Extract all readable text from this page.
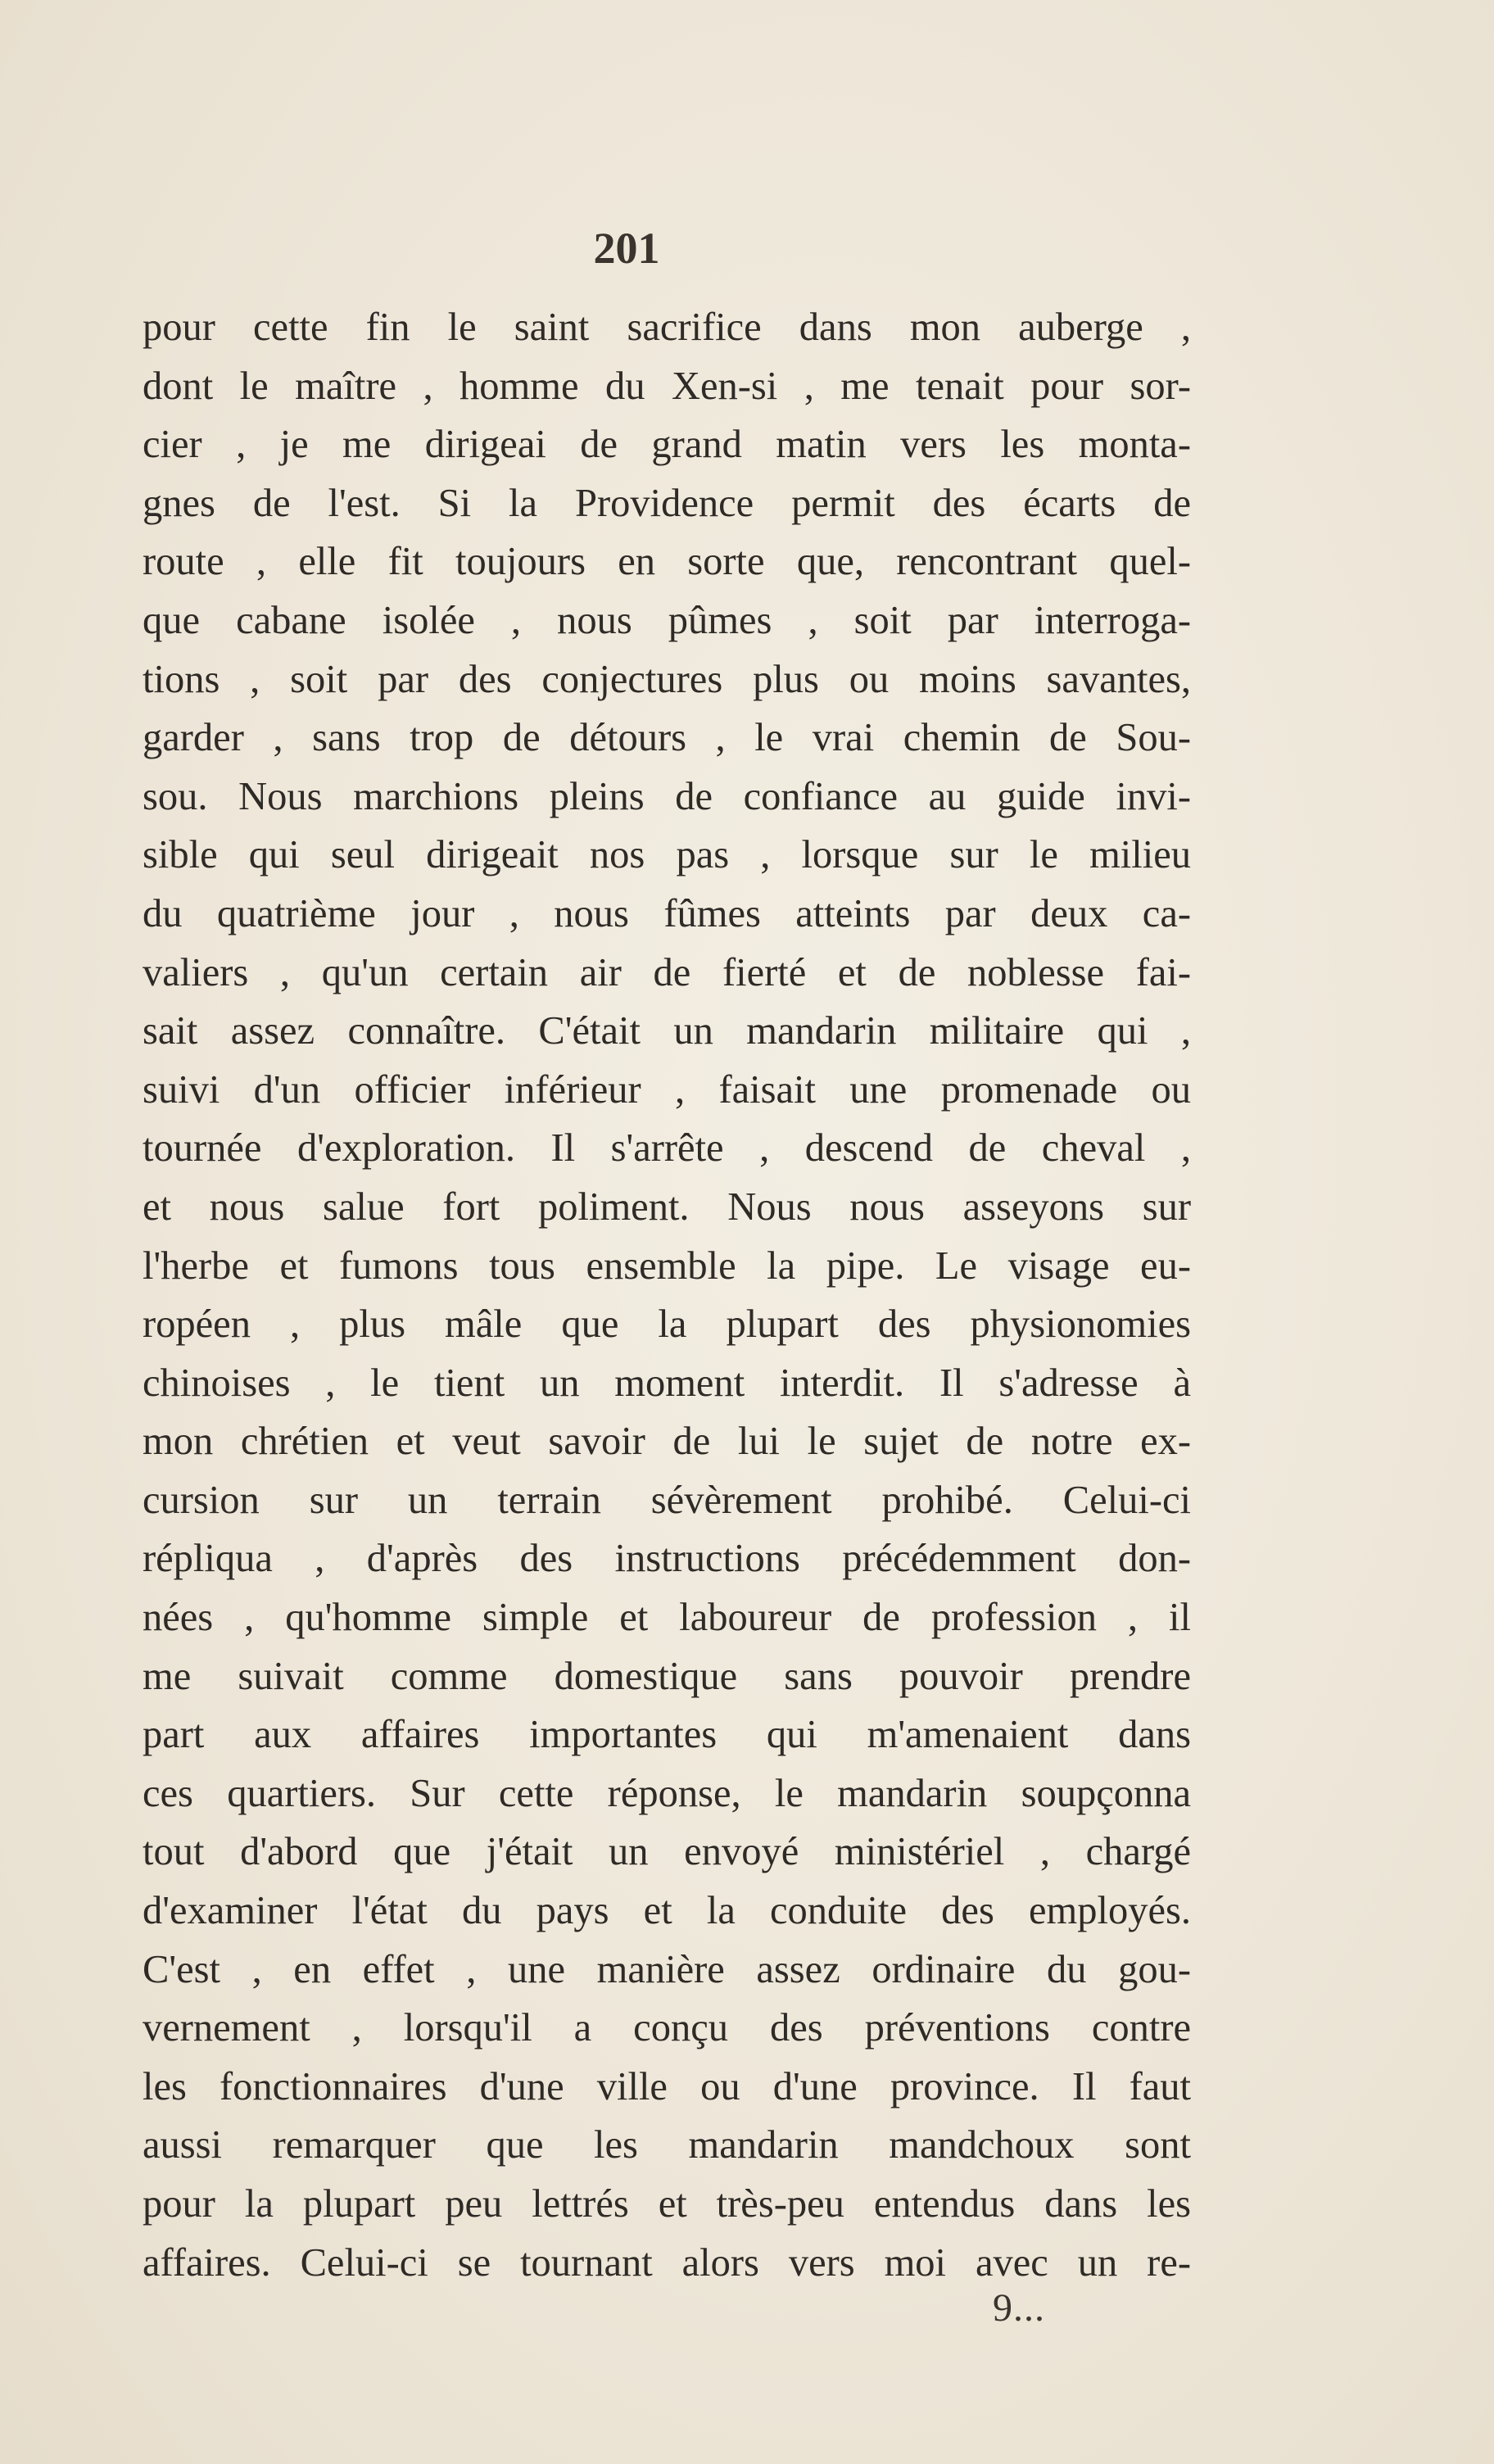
201
pour cette fin le saint sacrifice dans mon auberge ,
dont le maître , homme du Xen-si , me tenait pour sor-
cier , je me dirigeai de grand matin vers les monta-
gnes de l'est. Si la Providence permit des écarts de
route , elle fit toujours en sorte que, rencontrant quel-
que cabane isolée , nous pûmes , soit par interroga-
tions , soit par des conjectures plus ou moins savantes,
garder , sans trop de détours , le vrai chemin de Sou-
sou. Nous marchions pleins de confiance au guide invi-
sible qui seul dirigeait nos pas , lorsque sur le milieu
du quatrième jour , nous fûmes atteints par deux ca-
valiers , qu'un certain air de fierté et de noblesse fai-
sait assez connaître. C'était un mandarin militaire qui ,
suivi d'un officier inférieur , faisait une promenade ou
tournée d'exploration. Il s'arrête , descend de cheval ,
et nous salue fort poliment. Nous nous asseyons sur
l'herbe et fumons tous ensemble la pipe. Le visage eu-
ropéen , plus mâle que la plupart des physionomies
chinoises , le tient un moment interdit. Il s'adresse à
mon chrétien et veut savoir de lui le sujet de notre ex-
cursion sur un terrain sévèrement prohibé. Celui-ci
répliqua , d'après des instructions précédemment don-
nées , qu'homme simple et laboureur de profession , il
me suivait comme domestique sans pouvoir prendre
part aux affaires importantes qui m'amenaient dans
ces quartiers. Sur cette réponse, le mandarin soupçonna
tout d'abord que j'était un envoyé ministériel , chargé
d'examiner l'état du pays et la conduite des employés.
C'est , en effet , une manière assez ordinaire du gou-
vernement , lorsqu'il a conçu des préventions contre
les fonctionnaires d'une ville ou d'une province. Il faut
aussi remarquer que les mandarin mandchoux sont
pour la plupart peu lettrés et très-peu entendus dans les
affaires. Celui-ci se tournant alors vers moi avec un re-
9...
